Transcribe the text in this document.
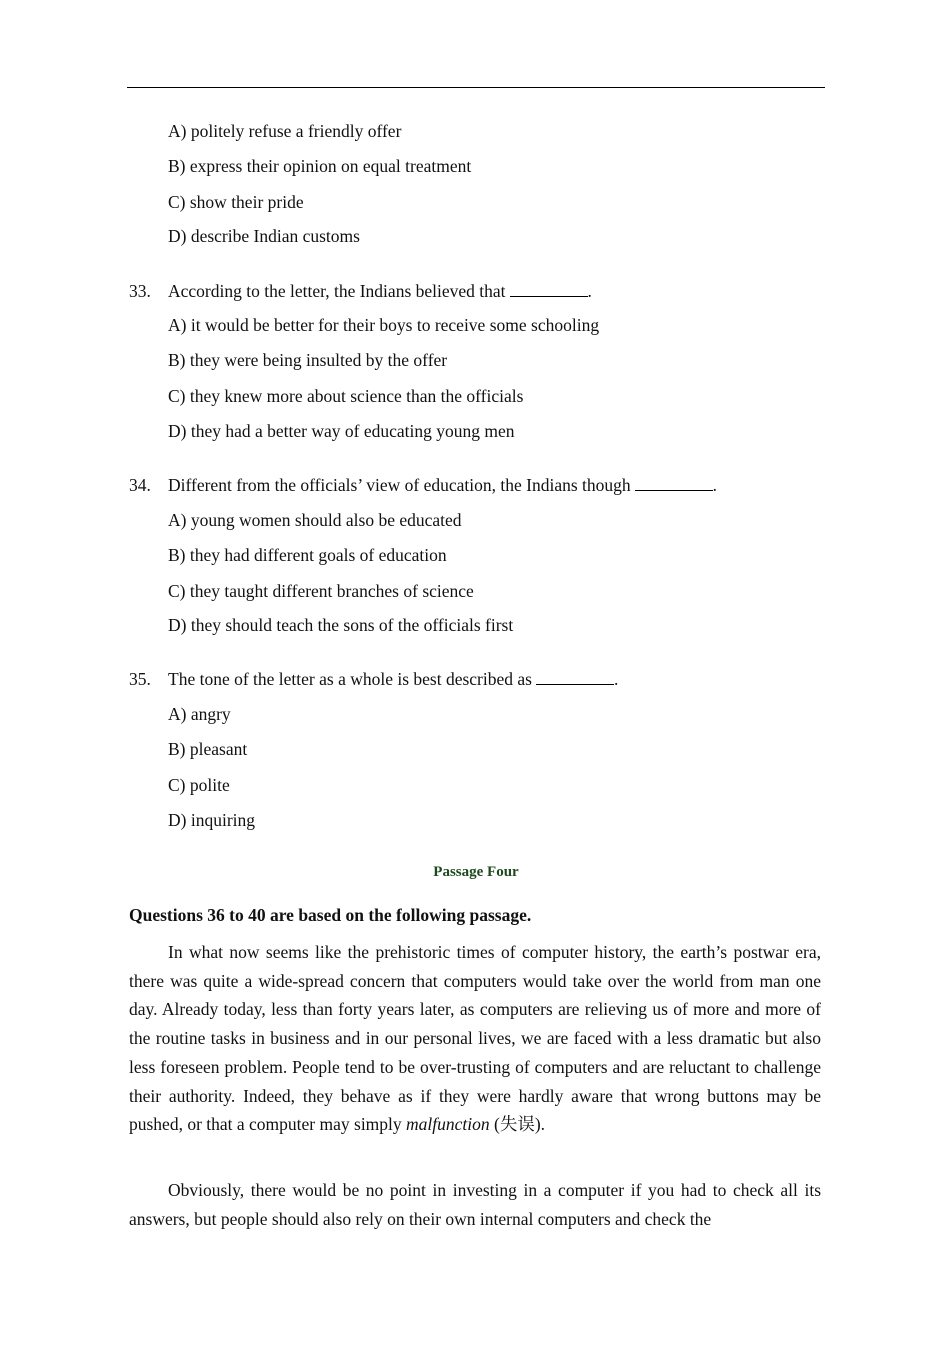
A) politely refuse a friendly offer
B) express their opinion on equal treatment
C) show their pride
D) describe Indian customs
33. According to the letter, the Indians believed that	.
A) it would be better for their boys to receive some schooling
B) they were being insulted by the offer
C) they knew more about science than the officials
D) they had a better way of educating young men
34. Different from the officials’ view of education, the Indians though	.
A) young women should also be educated
B) they had different goals of education
C) they taught different branches of science
D) they should teach the sons of the officials first
35. The tone of the letter as a whole is best described as	.
A) angry
B) pleasant
C) polite
D) inquiring
Passage Four
Questions 36 to 40 are based on the following passage.

In what now seems like the prehistoric times of computer history, the earth’s postwar era, there was quite a wide-spread concern that computers would take over the world from man one day. Already today, less than forty years later, as computers are relieving us of more and more of the routine tasks in business and in our personal lives, we are faced with a less dramatic but also less foreseen problem. People tend to be over-trusting of computers and are reluctant to challenge their authority. Indeed, they behave as if they were hardly aware that wrong buttons may be pushed, or that a computer may simply malfunction (失误).

Obviously, there would be no point in investing in a computer if you had to check all its answers, but people should also rely on their own internal computers and check the
